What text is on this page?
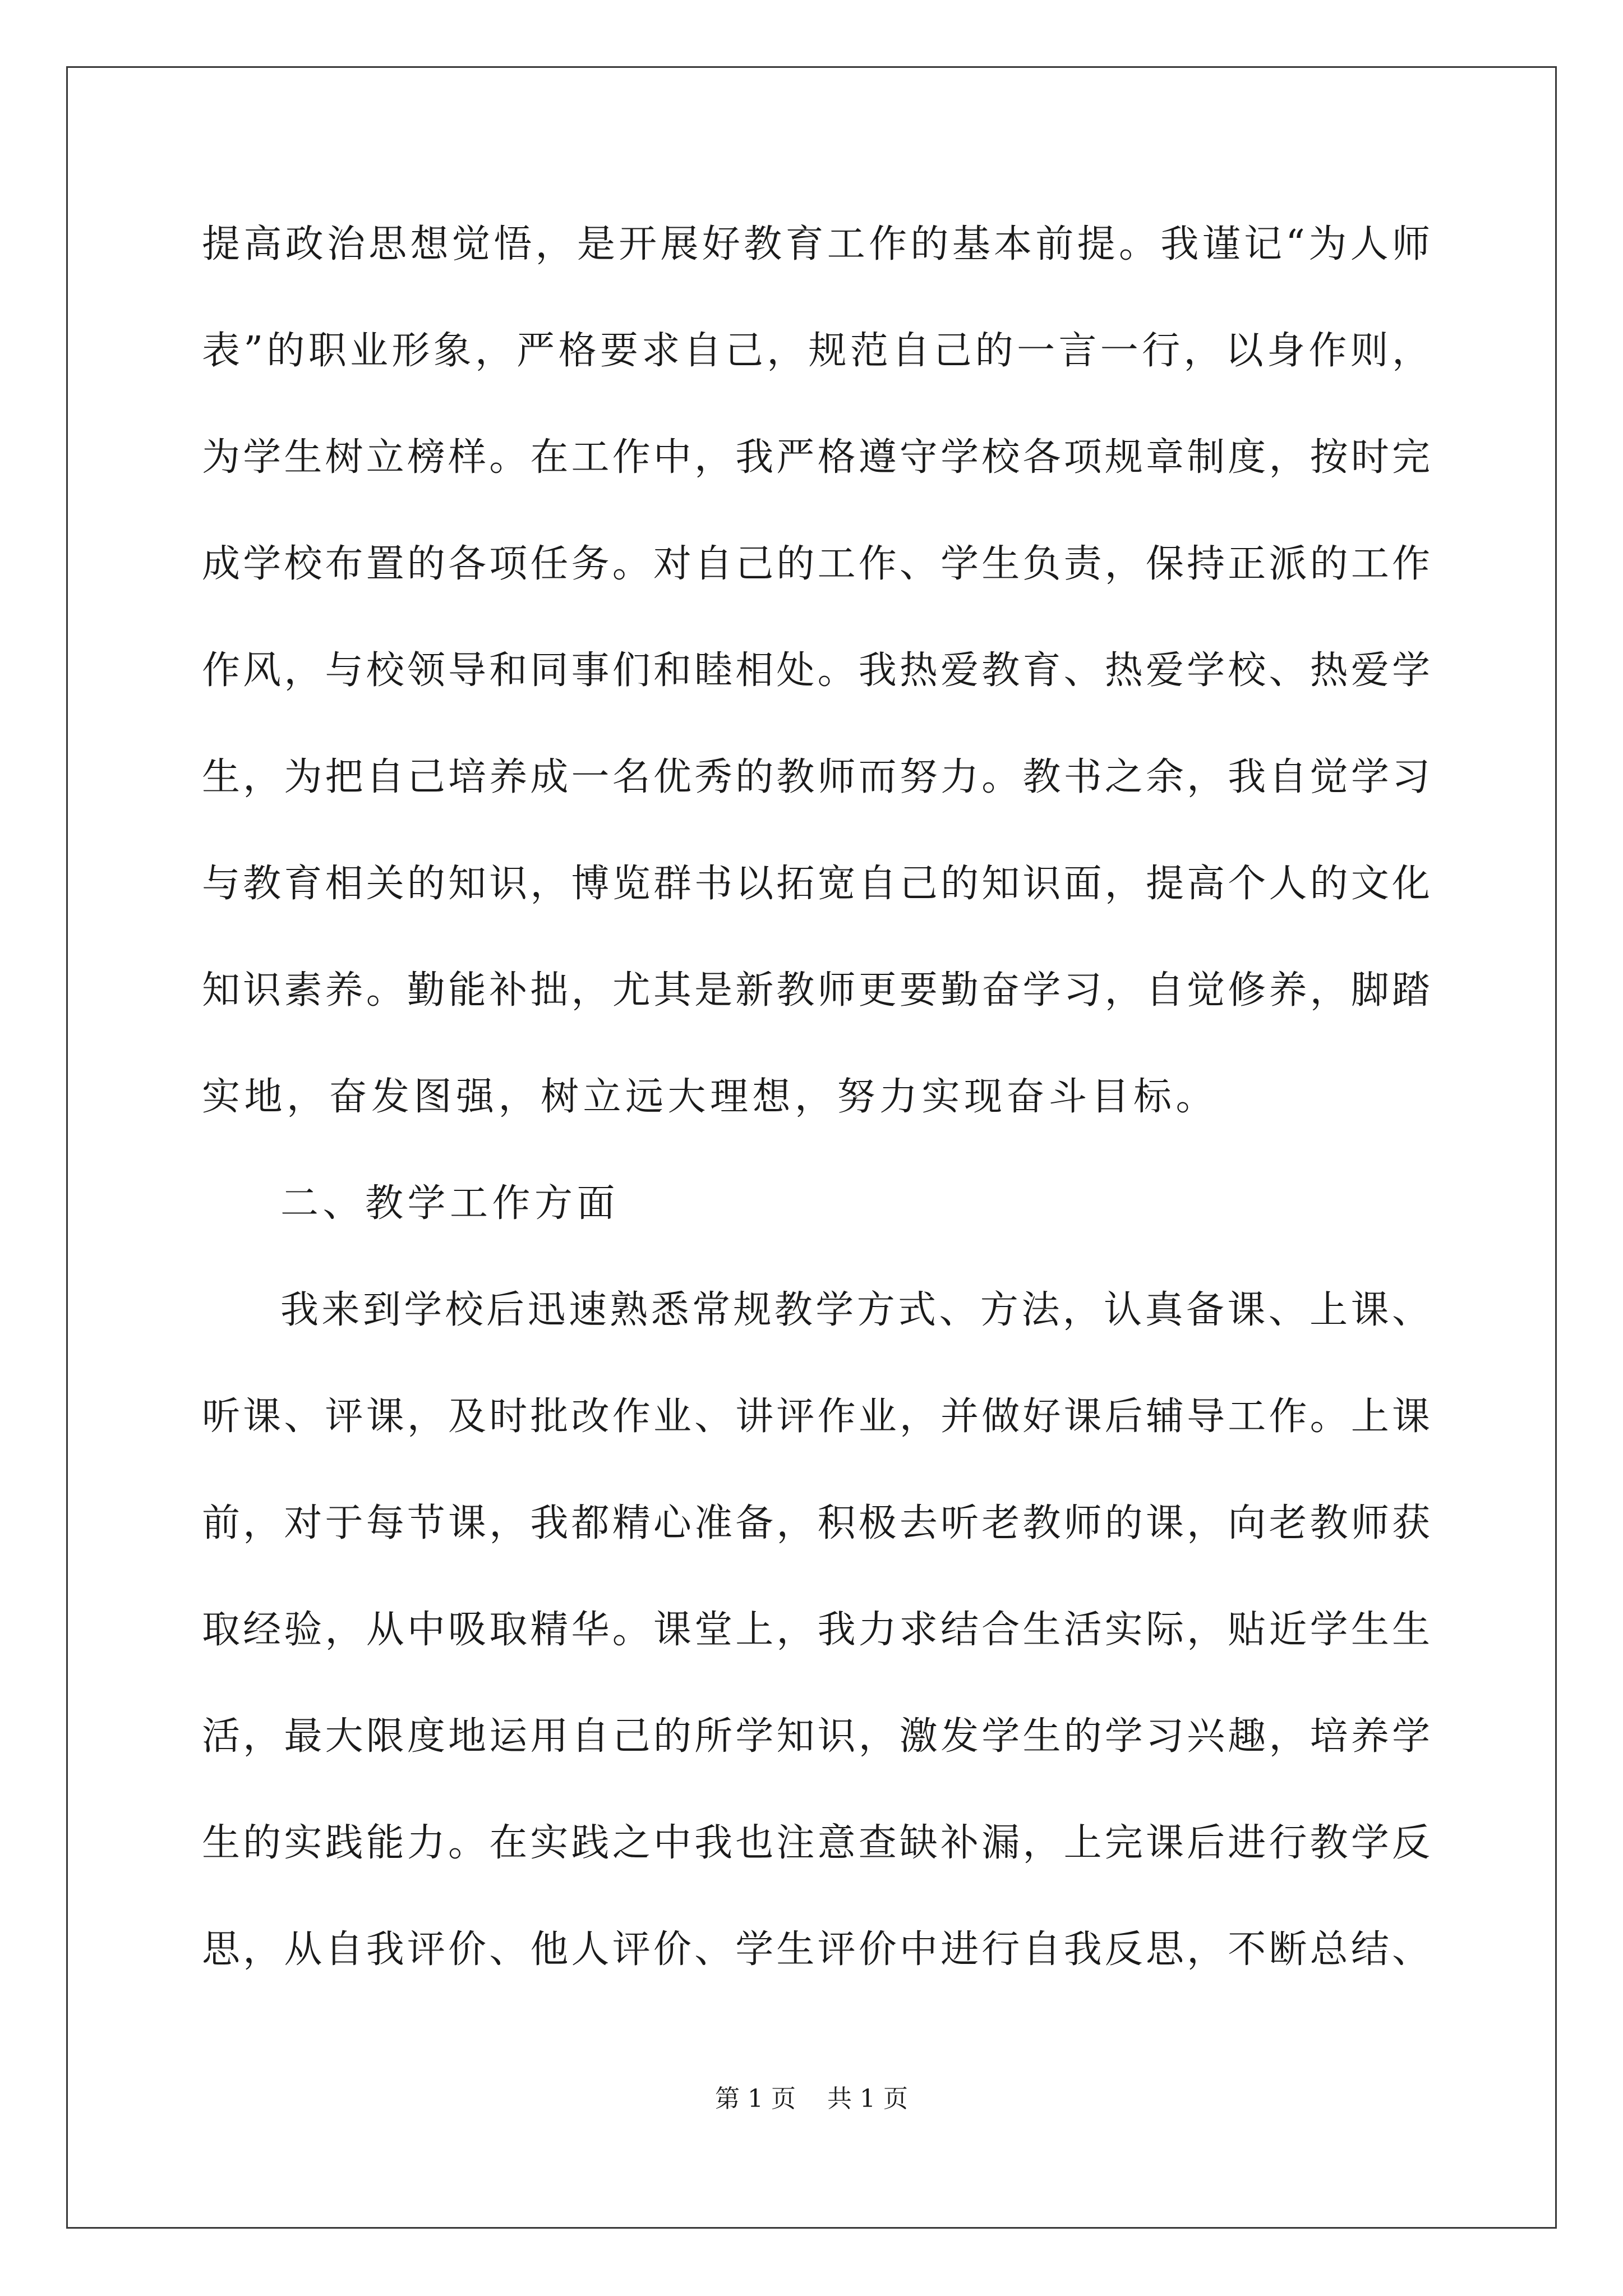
提高政治思想觉悟，是开展好教育工作的基本前提。我谨记“为人师
表”的职业形象，严格要求自己，规范自己的一言一行，以身作则，
为学生树立榜样。在工作中，我严格遵守学校各项规章制度，按时完
成学校布置的各项任务。对自己的工作、学生负责，保持正派的工作
作风，与校领导和同事们和睦相处。我热爱教育、热爱学校、热爱学
生，为把自己培养成一名优秀的教师而努力。教书之余，我自觉学习
与教育相关的知识，博览群书以拓宽自己的知识面，提高个人的文化
知识素养。勤能补拙，尤其是新教师更要勤奋学习，自觉修养，脚踏
实地，奋发图强，树立远大理想，努力实现奋斗目标。
二、教学工作方面
我来到学校后迅速熟悉常规教学方式、方法，认真备课、上课、
听课、评课，及时批改作业、讲评作业，并做好课后辅导工作。上课
前，对于每节课，我都精心准备，积极去听老教师的课，向老教师获
取经验，从中吸取精华。课堂上，我力求结合生活实际，贴近学生生
活，最大限度地运用自己的所学知识，激发学生的学习兴趣，培养学
生的实践能力。在实践之中我也注意查缺补漏，上完课后进行教学反
思，从自我评价、他人评价、学生评价中进行自我反思，不断总结、
第 1 页 共 1 页
